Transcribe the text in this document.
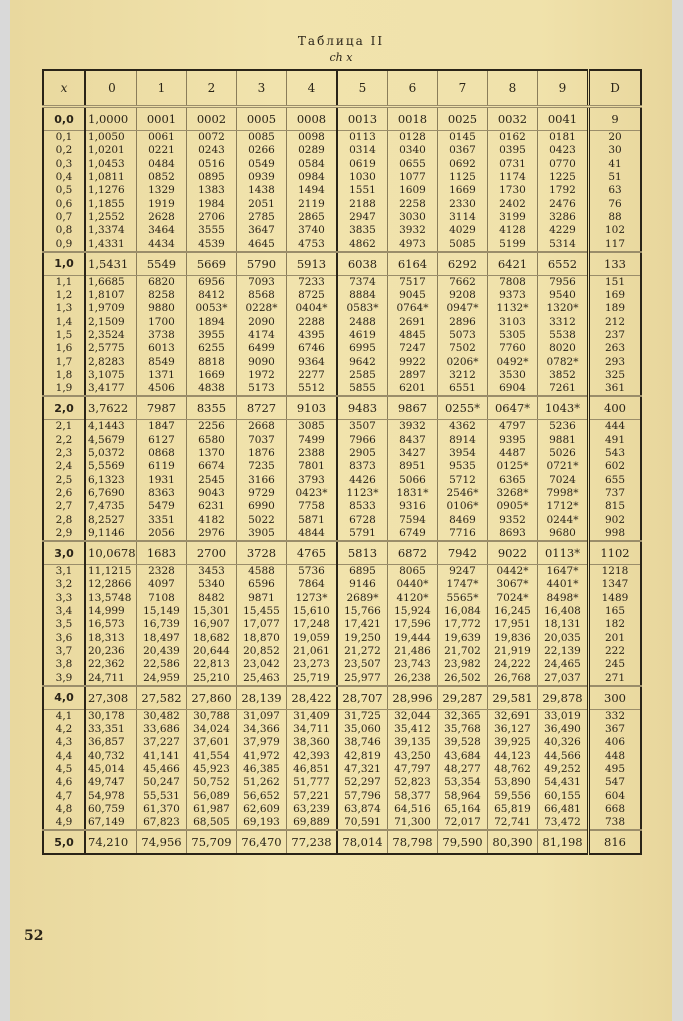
Таблица II
ch x
x	0	1	2	3	4	5	6	7	8	9	D
0,0	1,0000	0001	0002	0005	0008	0013	0018	0025	0032	0041	9
0,1	1,0050	0061	0072	0085	0098	0113	0128	0145	0162	0181	20
0,2	1,0201	0221	0243	0266	0289	0314	0340	0367	0395	0423	30
0,3	1,0453	0484	0516	0549	0584	0619	0655	0692	0731	0770	41
0,4	1,0811	0852	0895	0939	0984	1030	1077	1125	1174	1225	51
0,5	1,1276	1329	1383	1438	1494	1551	1609	1669	1730	1792	63
0,6	1,1855	1919	1984	2051	2119	2188	2258	2330	2402	2476	76
0,7	1,2552	2628	2706	2785	2865	2947	3030	3114	3199	3286	88
0,8	1,3374	3464	3555	3647	3740	3835	3932	4029	4128	4229	102
0,9	1,4331	4434	4539	4645	4753	4862	4973	5085	5199	5314	117
1,0	1,5431	5549	5669	5790	5913	6038	6164	6292	6421	6552	133
1,1	1,6685	6820	6956	7093	7233	7374	7517	7662	7808	7956	151
1,2	1,8107	8258	8412	8568	8725	8884	9045	9208	9373	9540	169
1,3	1,9709	9880	0053*	0228*	0404*	0583*	0764*	0947*	1132*	1320*	189
1,4	2,1509	1700	1894	2090	2288	2488	2691	2896	3103	3312	212
1,5	2,3524	3738	3955	4174	4395	4619	4845	5073	5305	5538	237
1,6	2,5775	6013	6255	6499	6746	6995	7247	7502	7760	8020	263
1,7	2,8283	8549	8818	9090	9364	9642	9922	0206*	0492*	0782*	293
1,8	3,1075	1371	1669	1972	2277	2585	2897	3212	3530	3852	325
1,9	3,4177	4506	4838	5173	5512	5855	6201	6551	6904	7261	361
2,0	3,7622	7987	8355	8727	9103	9483	9867	0255*	0647*	1043*	400
2,1	4,1443	1847	2256	2668	3085	3507	3932	4362	4797	5236	444
2,2	4,5679	6127	6580	7037	7499	7966	8437	8914	9395	9881	491
2,3	5,0372	0868	1370	1876	2388	2905	3427	3954	4487	5026	543
2,4	5,5569	6119	6674	7235	7801	8373	8951	9535	0125*	0721*	602
2,5	6,1323	1931	2545	3166	3793	4426	5066	5712	6365	7024	655
2,6	6,7690	8363	9043	9729	0423*	1123*	1831*	2546*	3268*	7998*	737
2,7	7,4735	5479	6231	6990	7758	8533	9316	0106*	0905*	1712*	815
2,8	8,2527	3351	4182	5022	5871	6728	7594	8469	9352	0244*	902
2,9	9,1146	2056	2976	3905	4844	5791	6749	7716	8693	9680	998
3,0	10,0678	1683	2700	3728	4765	5813	6872	7942	9022	0113*	1102
3,1	11,1215	2328	3453	4588	5736	6895	8065	9247	0442*	1647*	1218
3,2	12,2866	4097	5340	6596	7864	9146	0440*	1747*	3067*	4401*	1347
3,3	13,5748	7108	8482	9871	1273*	2689*	4120*	5565*	7024*	8498*	1489
3,4	14,999	15,149	15,301	15,455	15,610	15,766	15,924	16,084	16,245	16,408	165
3,5	16,573	16,739	16,907	17,077	17,248	17,421	17,596	17,772	17,951	18,131	182
3,6	18,313	18,497	18,682	18,870	19,059	19,250	19,444	19,639	19,836	20,035	201
3,7	20,236	20,439	20,644	20,852	21,061	21,272	21,486	21,702	21,919	22,139	222
3,8	22,362	22,586	22,813	23,042	23,273	23,507	23,743	23,982	24,222	24,465	245
3,9	24,711	24,959	25,210	25,463	25,719	25,977	26,238	26,502	26,768	27,037	271
4,0	27,308	27,582	27,860	28,139	28,422	28,707	28,996	29,287	29,581	29,878	300
4,1	30,178	30,482	30,788	31,097	31,409	31,725	32,044	32,365	32,691	33,019	332
4,2	33,351	33,686	34,024	34,366	34,711	35,060	35,412	35,768	36,127	36,490	367
4,3	36,857	37,227	37,601	37,979	38,360	38,746	39,135	39,528	39,925	40,326	406
4,4	40,732	41,141	41,554	41,972	42,393	42,819	43,250	43,684	44,123	44,566	448
4,5	45,014	45,466	45,923	46,385	46,851	47,321	47,797	48,277	48,762	49,252	495
4,6	49,747	50,247	50,752	51,262	51,777	52,297	52,823	53,354	53,890	54,431	547
4,7	54,978	55,531	56,089	56,652	57,221	57,796	58,377	58,964	59,556	60,155	604
4,8	60,759	61,370	61,987	62,609	63,239	63,874	64,516	65,164	65,819	66,481	668
4,9	67,149	67,823	68,505	69,193	69,889	70,591	71,300	72,017	72,741	73,472	738
5,0	74,210	74,956	75,709	76,470	77,238	78,014	78,798	79,590	80,390	81,198	816
52
